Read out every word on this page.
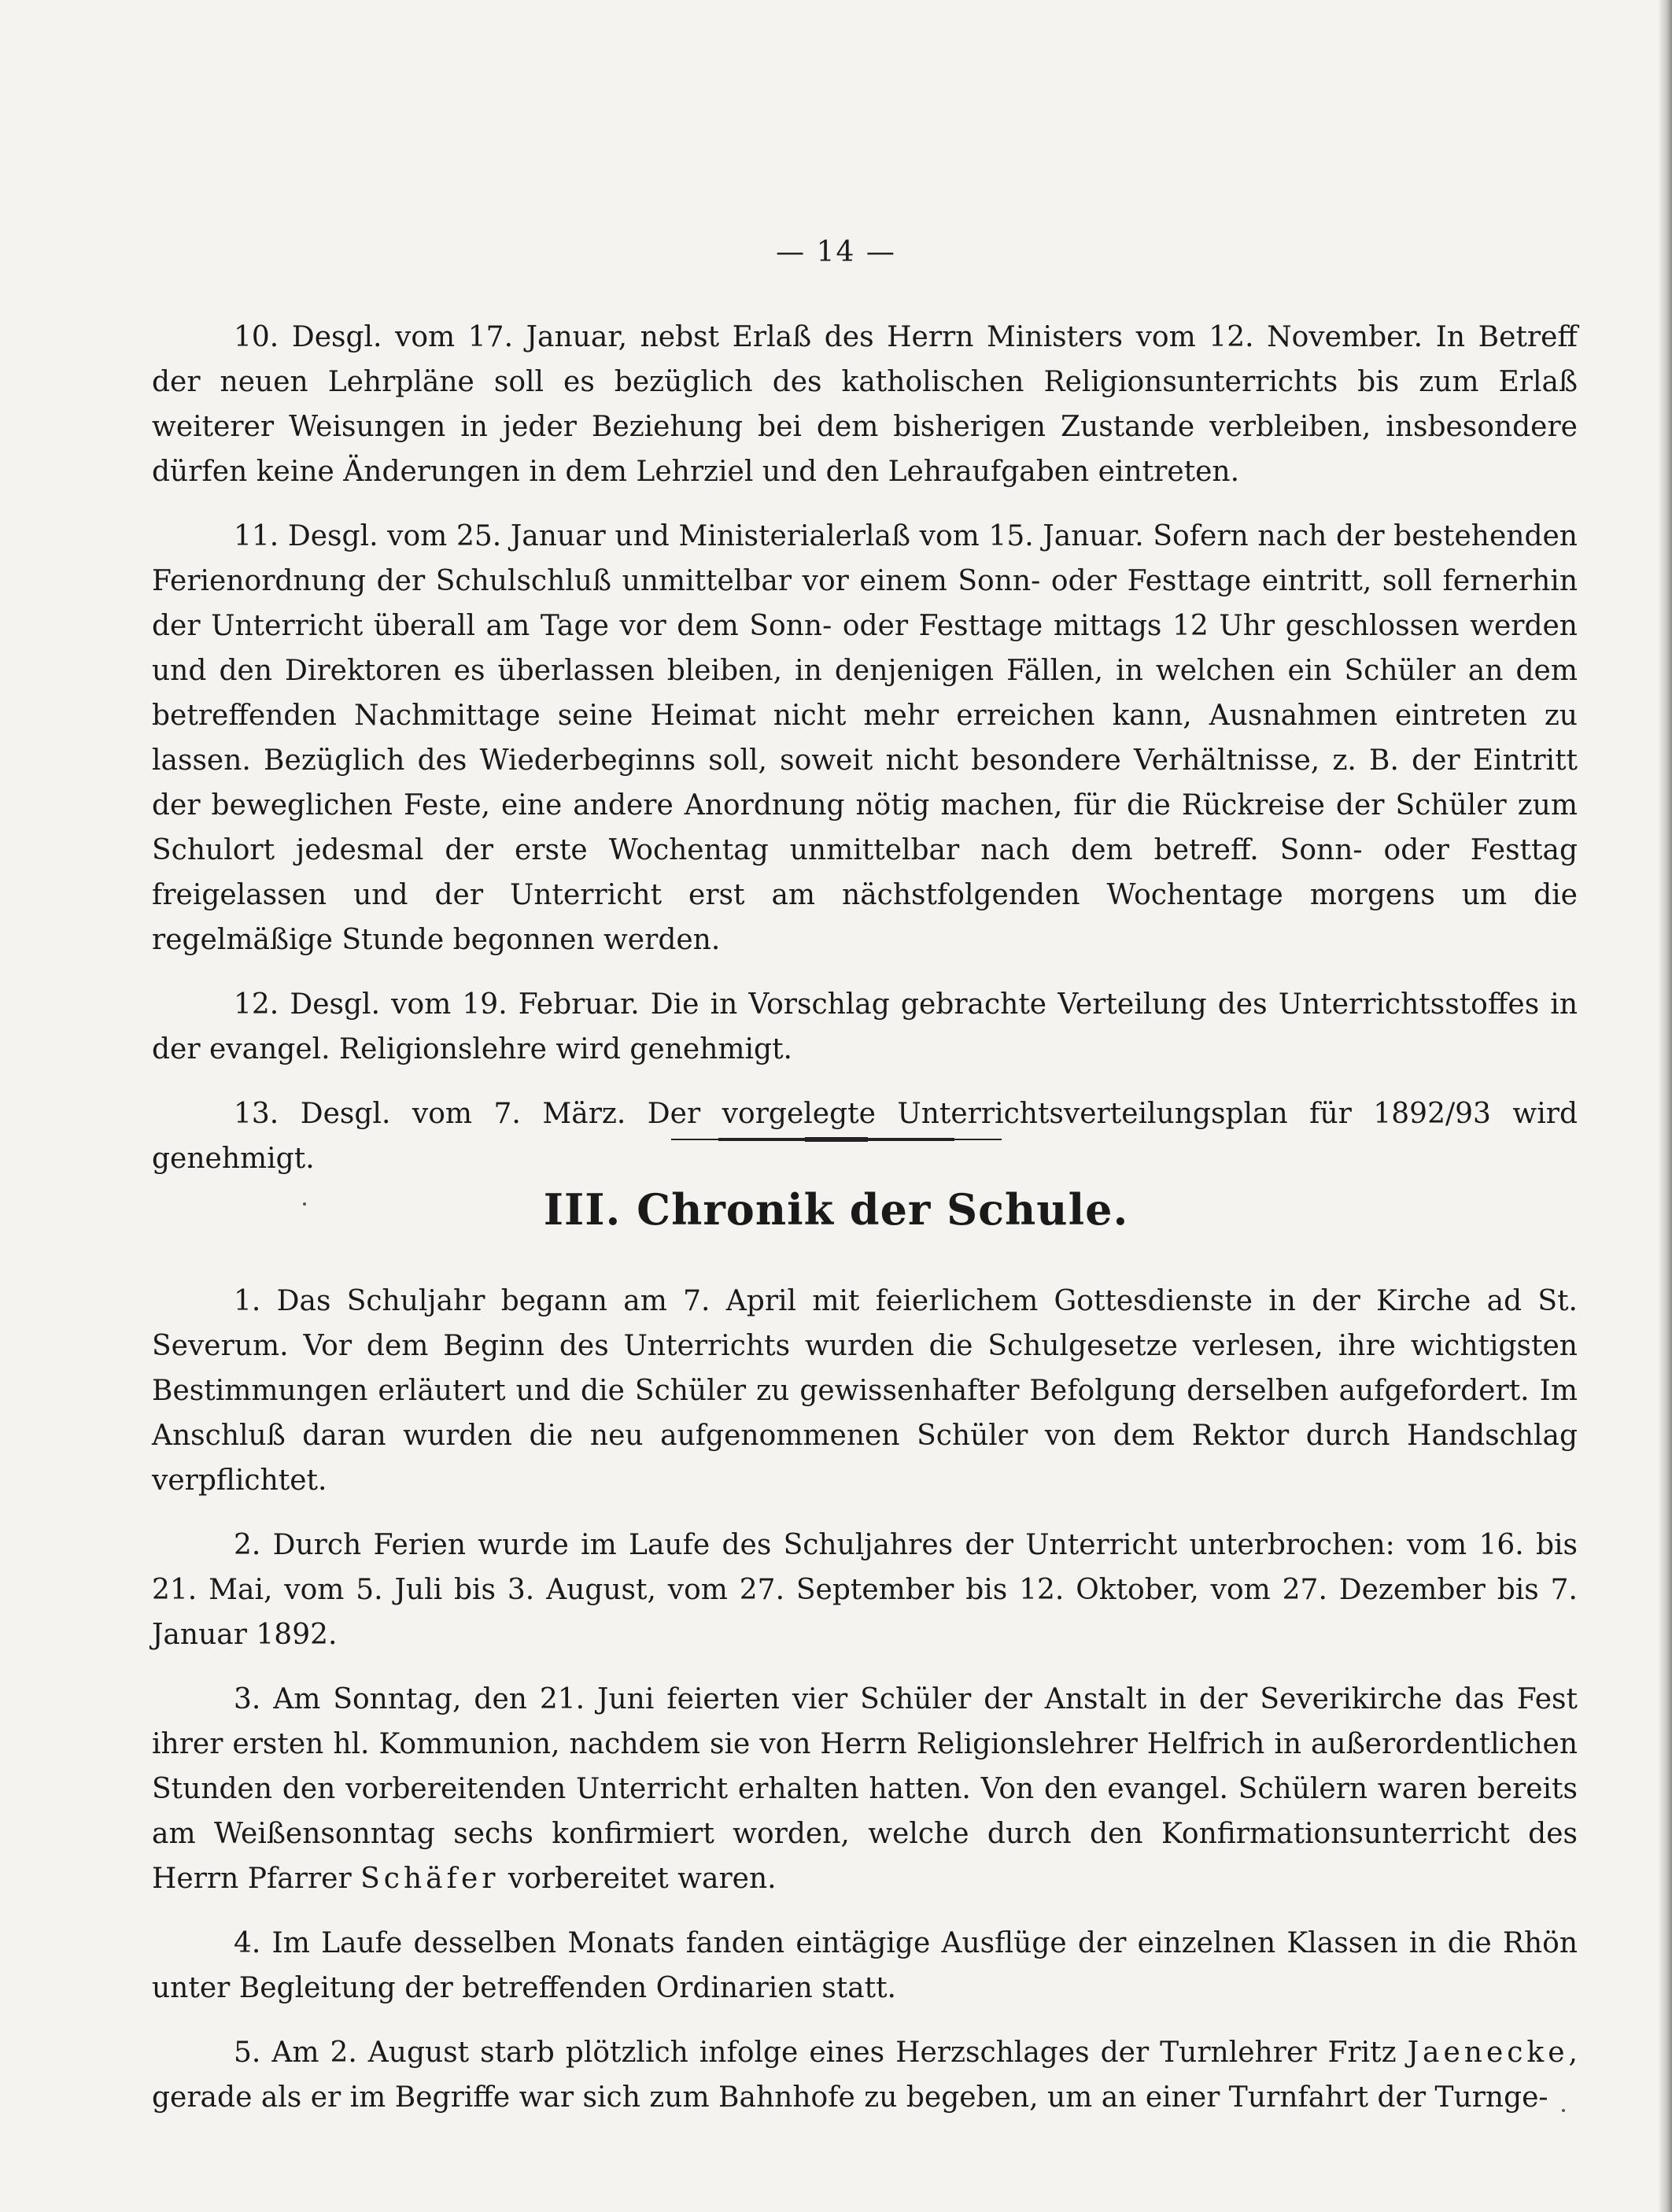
— 14 —

10. Desgl. vom 17. Januar, nebst Erlaß des Herrn Ministers vom 12. November. In Betreff der neuen Lehrpläne soll es bezüglich des katholischen Religionsunterrichts bis zum Erlaß weiterer Weisungen in jeder Beziehung bei dem bisherigen Zustande verbleiben, insbesondere dürfen keine Änderungen in dem Lehrziel und den Lehraufgaben eintreten.

11. Desgl. vom 25. Januar und Ministerialerlaß vom 15. Januar. Sofern nach der bestehenden Ferienordnung der Schulschluß unmittelbar vor einem Sonn- oder Festtage eintritt, soll fernerhin der Unterricht überall am Tage vor dem Sonn- oder Festtage mittags 12 Uhr geschlossen werden und den Direktoren es überlassen bleiben, in denjenigen Fällen, in welchen ein Schüler an dem betreffenden Nachmittage seine Heimat nicht mehr erreichen kann, Ausnahmen eintreten zu lassen. Bezüglich des Wiederbeginns soll, soweit nicht besondere Verhältnisse, z. B. der Eintritt der beweglichen Feste, eine andere Anordnung nötig machen, für die Rückreise der Schüler zum Schulort jedesmal der erste Wochentag unmittelbar nach dem betreff. Sonn- oder Festtag freigelassen und der Unterricht erst am nächstfolgenden Wochentage morgens um die regelmäßige Stunde begonnen werden.

12. Desgl. vom 19. Februar. Die in Vorschlag gebrachte Verteilung des Unterrichtsstoffes in der evangel. Religionslehre wird genehmigt.

13. Desgl. vom 7. März. Der vorgelegte Unterrichtsverteilungsplan für 1892/93 wird genehmigt.

III. Chronik der Schule.

1. Das Schuljahr begann am 7. April mit feierlichem Gottesdienste in der Kirche ad St. Severum. Vor dem Beginn des Unterrichts wurden die Schulgesetze verlesen, ihre wichtigsten Bestimmungen erläutert und die Schüler zu gewissenhafter Befolgung derselben aufgefordert. Im Anschluß daran wurden die neu aufgenommenen Schüler von dem Rektor durch Handschlag verpflichtet.

2. Durch Ferien wurde im Laufe des Schuljahres der Unterricht unterbrochen: vom 16. bis 21. Mai, vom 5. Juli bis 3. August, vom 27. September bis 12. Oktober, vom 27. Dezember bis 7. Januar 1892.

3. Am Sonntag, den 21. Juni feierten vier Schüler der Anstalt in der Severikirche das Fest ihrer ersten hl. Kommunion, nachdem sie von Herrn Religionslehrer Helfrich in außerordentlichen Stunden den vorbereitenden Unterricht erhalten hatten. Von den evangel. Schülern waren bereits am Weißensonntag sechs konfirmiert worden, welche durch den Konfirmationsunterricht des Herrn Pfarrer Schäfer vorbereitet waren.

4. Im Laufe desselben Monats fanden eintägige Ausflüge der einzelnen Klassen in die Rhön unter Begleitung der betreffenden Ordinarien statt.

5. Am 2. August starb plötzlich infolge eines Herzschlages der Turnlehrer Fritz Jaenecke, gerade als er im Begriffe war sich zum Bahnhofe zu begeben, um an einer Turnfahrt der Turnge-
